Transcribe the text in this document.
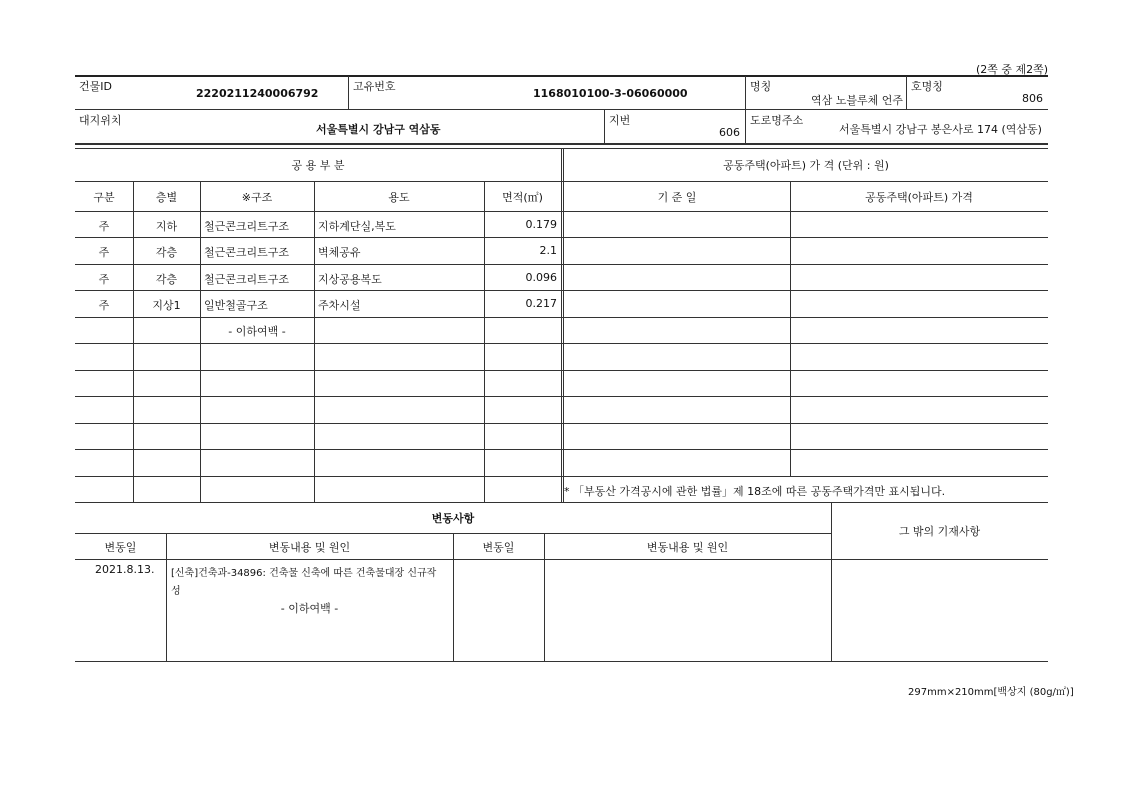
(2쪽 중 제2쪽)
건물ID
2220211240006792
고유번호
1168010100-3-06060000
명칭
역삼 노블루체 언주
호명칭
806
대지위치
서울특별시 강남구 역삼동
지번
606
도로명주소
서울특별시 강남구 봉은사로 174 (역삼동)
공 용 부 분	공동주택(아파트) 가 격 (단위 : 원)
구분	층별	※구조	용도	면적(㎡)	기 준 일	공동주택(아파트) 가격
주	지하	철근콘크리트구조	지하계단실,복도	0.179
주	각층	철근콘크리트구조	벽체공유	2.1
주	각층	철근콘크리트구조	지상공용복도	0.096
주	지상1	일반철골구조	주차시설	0.217
- 이하여백 -
* 「부동산 가격공시에 관한 법률」제 18조에 따른 공동주택가격만 표시됩니다.
변동사항
그 밖의 기재사항
변동일	변동내용 및 원인	변동일	변동내용 및 원인
2021.8.13. [신축]건축과-34896: 건축물 신축에 따른 건축물대장 신규작
성
- 이하여백 -
297mm×210mm[백상지 (80g/㎡)]
